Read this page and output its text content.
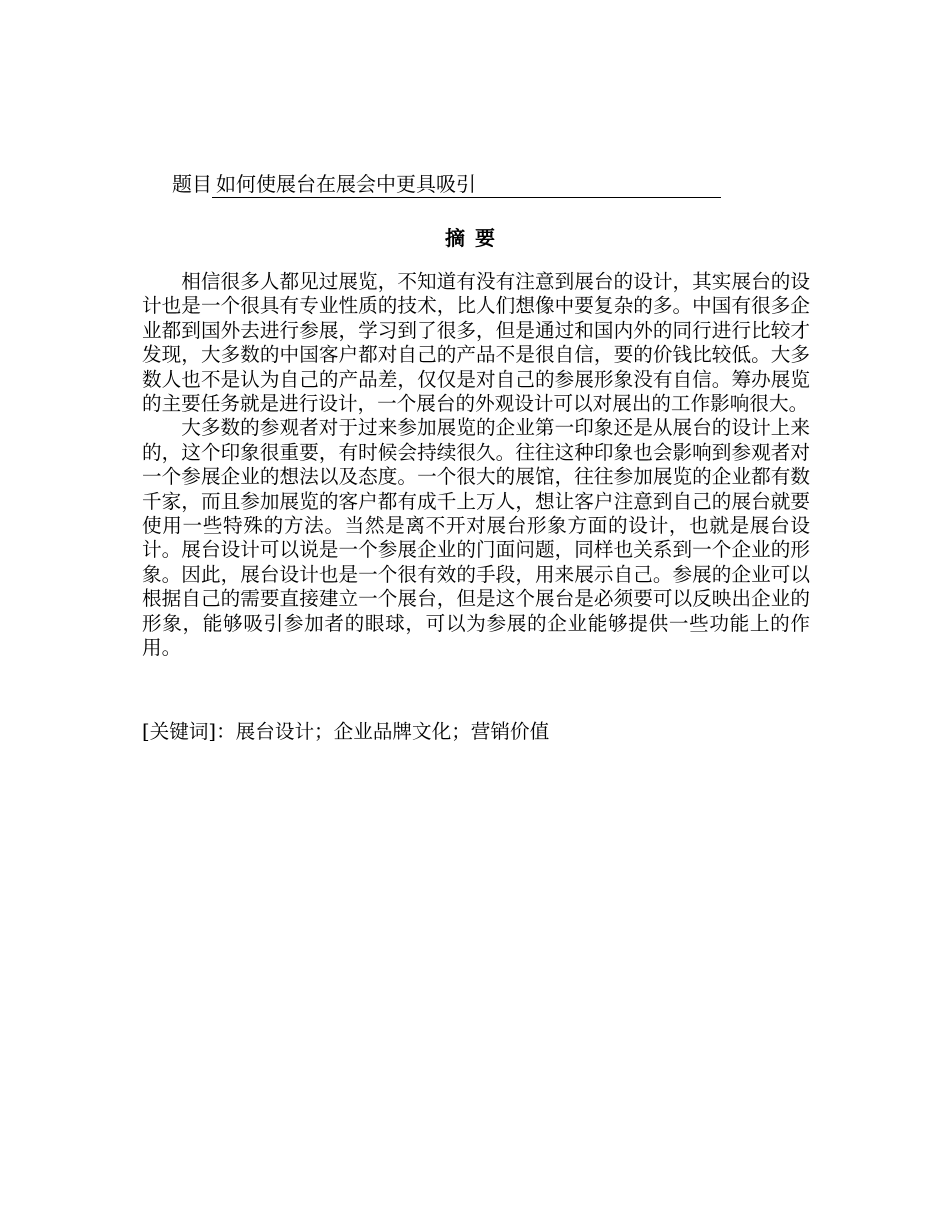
题目 如何使展台在展会中更具吸引
摘要

相信很多人都见过展览，不知道有没有注意到展台的设计，其实展台的设计也是一个很具有专业性质的技术，比人们想像中要复杂的多。中国有很多企业都到国外去进行参展，学习到了很多，但是通过和国内外的同行进行比较才发现，大多数的中国客户都对自己的产品不是很自信，要的价钱比较低。大多数人也不是认为自己的产品差，仅仅是对自己的参展形象没有自信。筹办展览的主要任务就是进行设计，一个展台的外观设计可以对展出的工作影响很大。

大多数的参观者对于过来参加展览的企业第一印象还是从展台的设计上来的，这个印象很重要，有时候会持续很久。往往这种印象也会影响到参观者对一个参展企业的想法以及态度。一个很大的展馆，往往参加展览的企业都有数千家，而且参加展览的客户都有成千上万人，想让客户注意到自己的展台就要使用一些特殊的方法。当然是离不开对展台形象方面的设计，也就是展台设计。展台设计可以说是一个参展企业的门面问题，同样也关系到一个企业的形象。因此，展台设计也是一个很有效的手段，用来展示自己。参展的企业可以根据自己的需要直接建立一个展台，但是这个展台是必须要可以反映出企业的形象，能够吸引参加者的眼球，可以为参展的企业能够提供一些功能上的作用。

[关键词]：展台设计；企业品牌文化；营销价值
